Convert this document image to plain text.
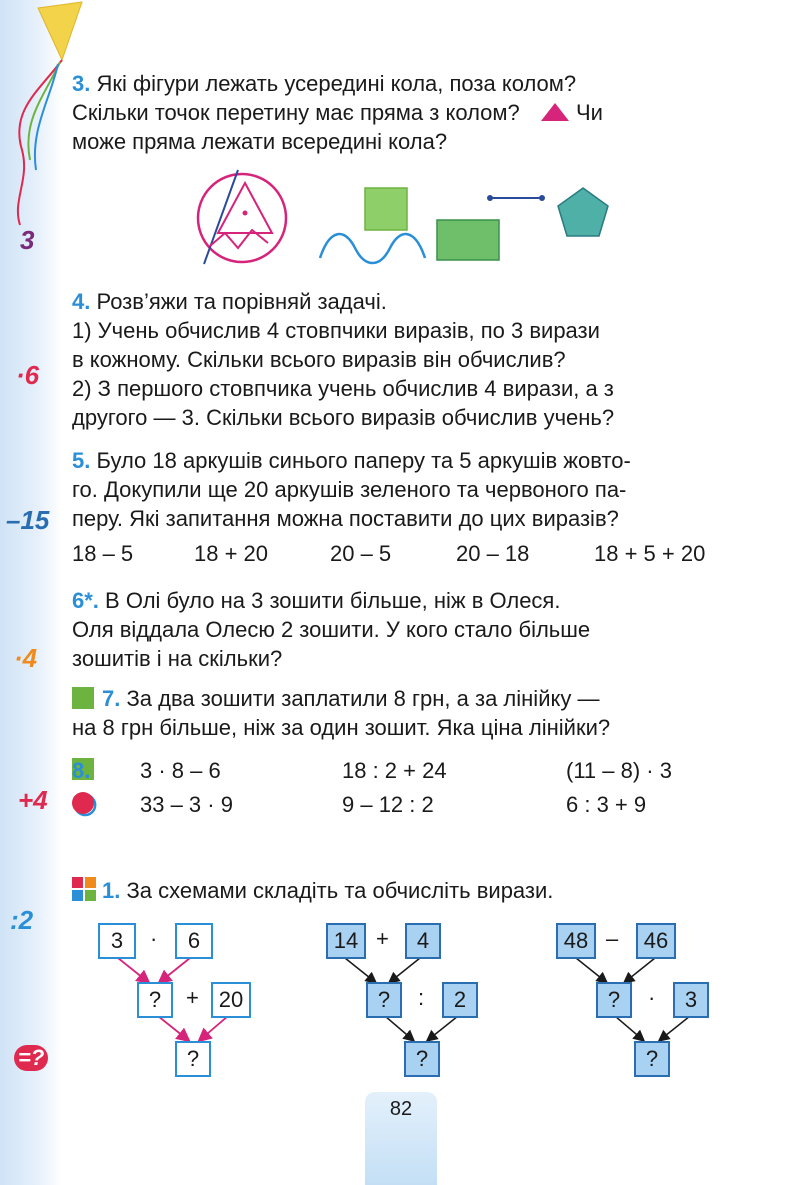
3
·6
–15
·4
+4
:2
=?
3. Які фігури лежать усередині кола, поза колом?
Скільки точок перетину має пряма з колом?	Чи
може пряма лежати всередині кола?
4. Розв’яжи та порівняй задачі.
1) Учень обчислив 4 стовпчики виразів, по 3 вирази
в кожному. Скільки всього виразів він обчислив?
2) З першого стовпчика учень обчислив 4 вирази, а з
другого — 3. Скільки всього виразів обчислив учень?
5. Було 18 аркушів синього паперу та 5 аркушів жовто-
го. Докупили ще 20 аркушів зеленого та червоного па-
перу. Які запитання можна поставити до цих виразів?
18 – 5	18 + 20	20 – 5	20 – 18	18 + 5 + 20
6*. В Олі було на 3 зошити більше, ніж в Олеся.
Оля віддала Олесю 2 зошити. У кого стало більше
зошитів і на скільки?
7. За два зошити заплатили 8 грн, а за лінійку —
на 8 грн більше, ніж за один зошит. Яка ціна лінійки?
8. 3 · 8 – 6	18 : 2 + 24	(11 – 8) · 3
33 – 3 · 9	9 – 12 : 2	6 : 3 + 9
1. За схемами складіть та обчисліть вирази.
3	·	6
?	+ 20
?
14 +	4
?	:	2
?
48 –	46
?	·	3
?
82
